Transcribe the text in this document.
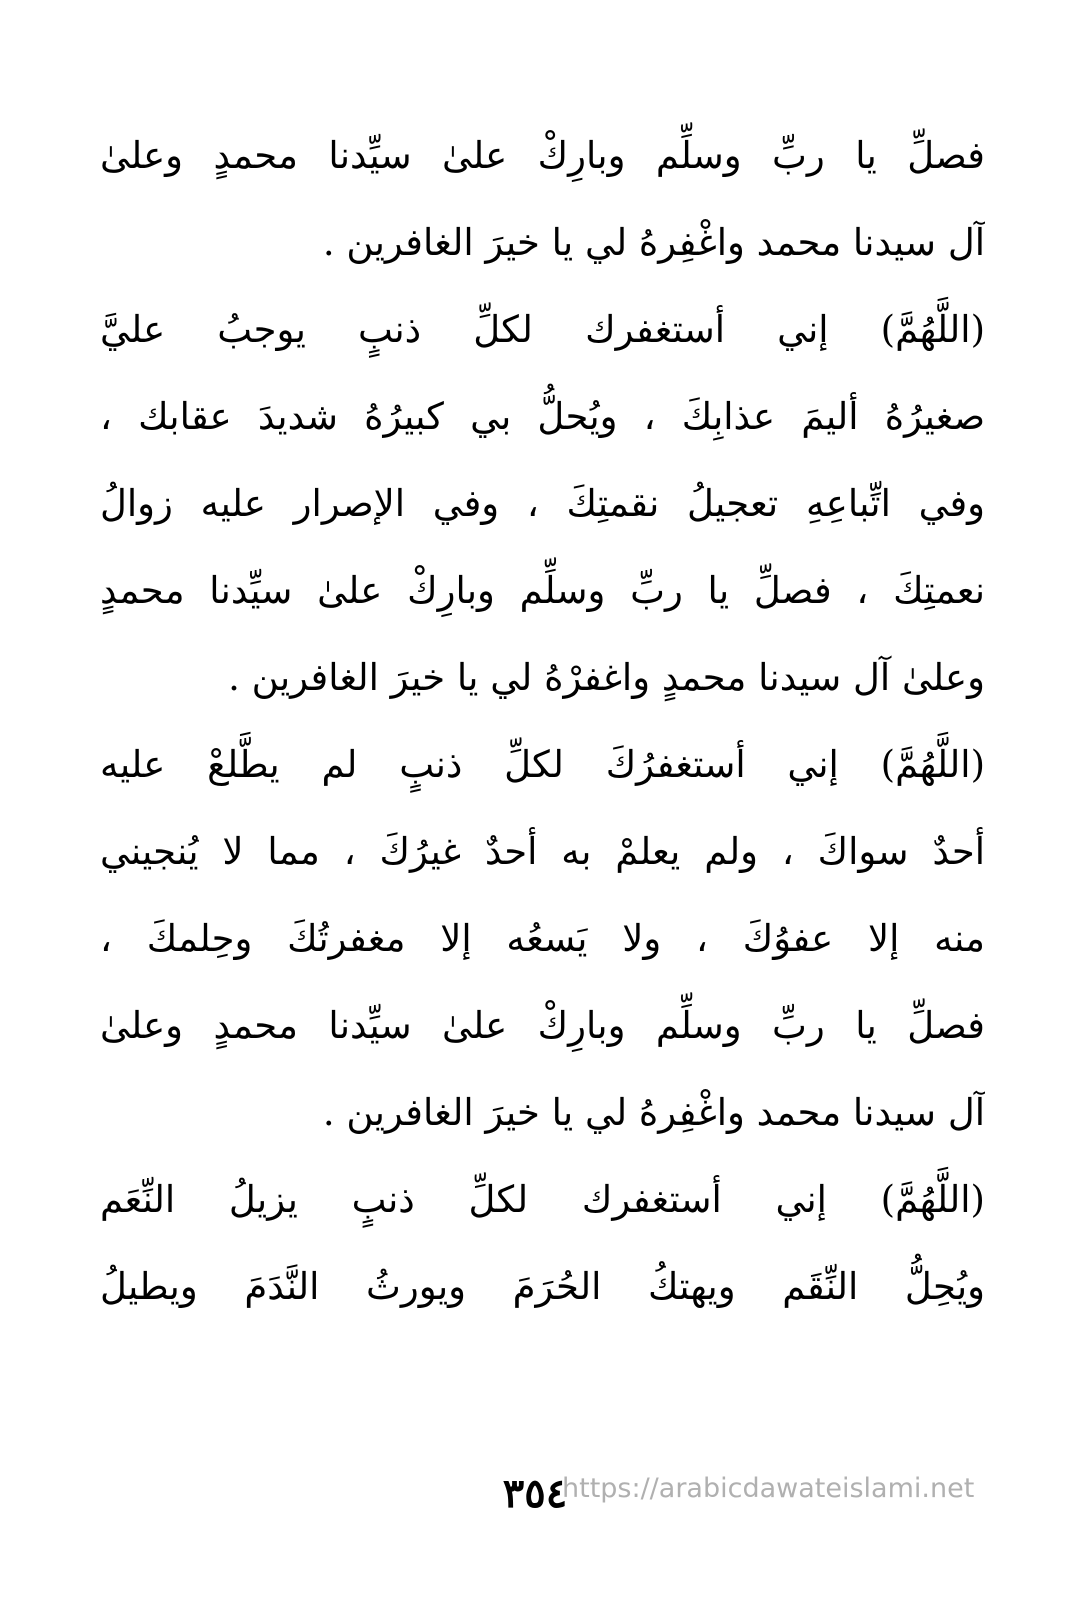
فصلِّ يا ربِّ وسلِّم وبارِكْ علىٰ سيِّدنا محمدٍ وعلىٰ
آل سيدنا محمد واغْفِرهُ لي يا خيرَ الغافرين .
(اللَّهُمَّ) إني أستغفرك لكلِّ ذنبٍ يوجبُ عليَّ
صغيرُهُ أليمَ عذابِكَ ، ويُحلُّ بي كبيرُهُ شديدَ عقابك ،
وفي اتِّباعِهِ تعجيلُ نقمتِكَ ، وفي الإصرار عليه زوالُ
نعمتِكَ ، فصلِّ يا ربِّ وسلِّم وبارِكْ علىٰ سيِّدنا محمدٍ
وعلىٰ آل سيدنا محمدٍ واغفرْهُ لي يا خيرَ الغافرين .
(اللَّهُمَّ) إني أستغفرُكَ لكلِّ ذنبٍ لم يطَّلعْ عليه
أحدٌ سواكَ ، ولم يعلمْ به أحدٌ غيرُكَ ، مما لا يُنجيني
منه إلا عفوُكَ ، ولا يَسعُه إلا مغفرتُكَ وحِلمكَ ،
فصلِّ يا ربِّ وسلِّم وبارِكْ علىٰ سيِّدنا محمدٍ وعلىٰ
آل سيدنا محمد واغْفِرهُ لي يا خيرَ الغافرين .
(اللَّهُمَّ) إني أستغفرك لكلِّ ذنبٍ يزيلُ النِّعَم
ويُحِلُّ النِّقَم ويهتكُ الحُرَمَ ويورثُ النَّدَمَ ويطيلُ
٣٥٤
https://arabicdawateislami.net
